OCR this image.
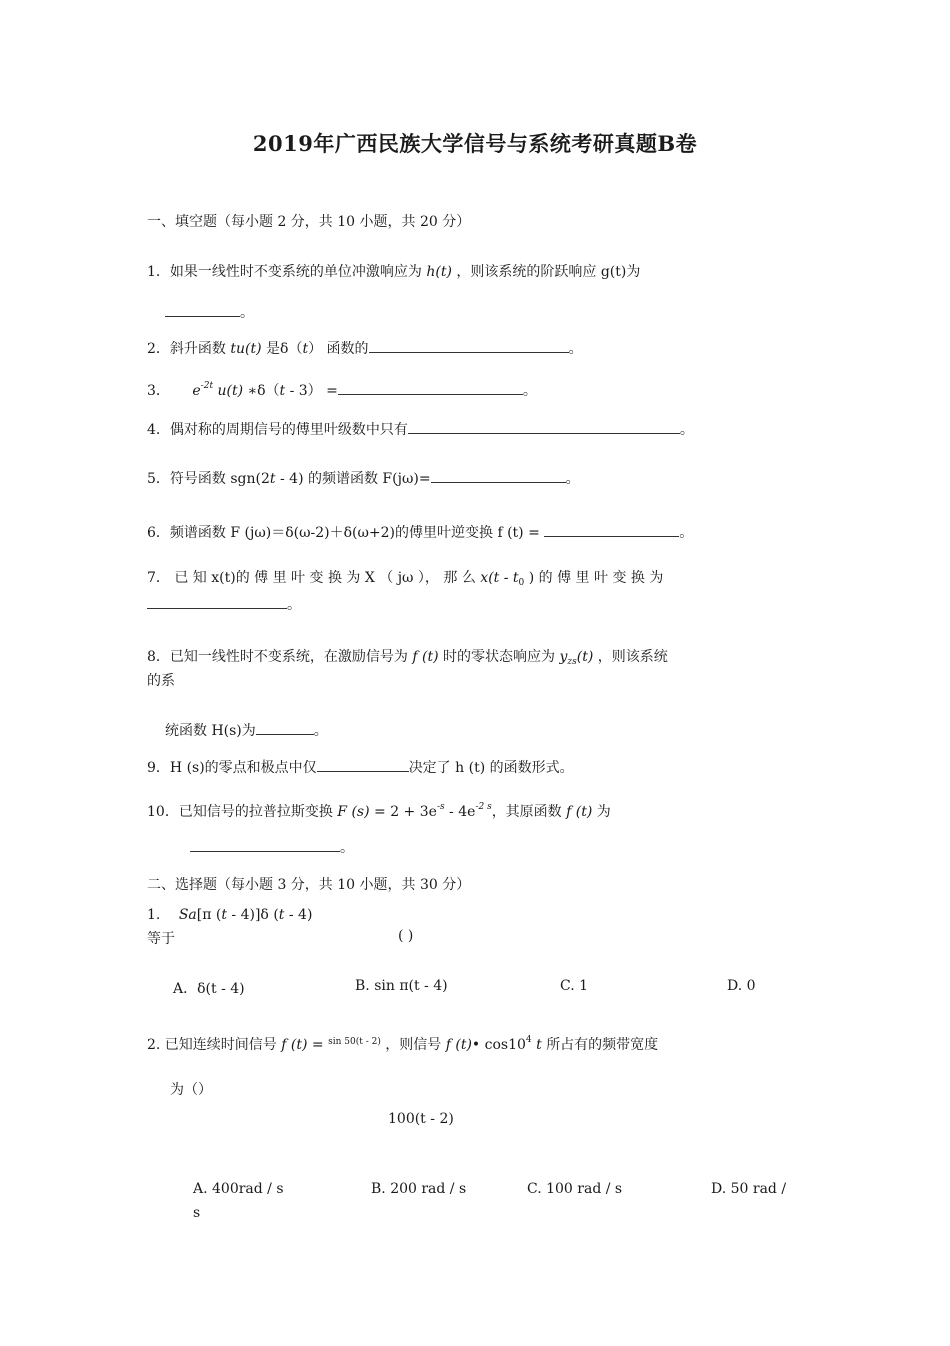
2019年广西民族大学信号与系统考研真题B卷
一、填空题（每小题 2 分，共 10 小题，共 20 分）
1．如果一线性时不变系统的单位冲激响应为 h(t) ，则该系统的阶跃响应 g(t)为
。
2．斜升函数 tu(t) 是δ（t） 函数的	。
3． $e^{-2t}$ u(t) ∗δ（t - 3） =	。
4．偶对称的周期信号的傅里叶级数中只有	。
5．符号函数 sgn(2t - 4) 的频谱函数 F(jω)=	。
6．频谱函数 F (jω)＝δ(ω-2)＋δ(ω+2)的傅里叶逆变换 f (t) =	。
7． 已 知 x(t)的 傅 里 叶 变 换 为 X （ jω ）， 那 么 $x(t - t_0$ ) 的 傅 里 叶 变 换 为
。
8．已知一线性时不变系统，在激励信号为 f (t) 时的零状态响应为 $y_{zs}(t)$ ，则该系统
的系
统函数 H(s)为	。
9．H (s)的零点和极点中仅	决定了 h (t) 的函数形式。
10．已知信号的拉普拉斯变换 F $(s) = 2 + 3e^{-s} - 4e^{-2 s}$，其原函数 f (t) 为
。
二、选择题（每小题 3 分，共 10 小题，共 30 分）
1. Sa[π (t - 4)]δ (t - 4)
等于	( )
A．δ(t - 4)	B. sin π(t - 4)	C. 1	D. 0
2. 已知连续时间信号 f (t) = $^{sin 50(t - 2)}$ ，则信号 f (t)• $\cos 10^4$ t 所占有的频带宽度
为（）
100(t - 2)
A. 400rad / s	B. 200 rad / s	C. 100 rad / s	D. 50 rad /
s
